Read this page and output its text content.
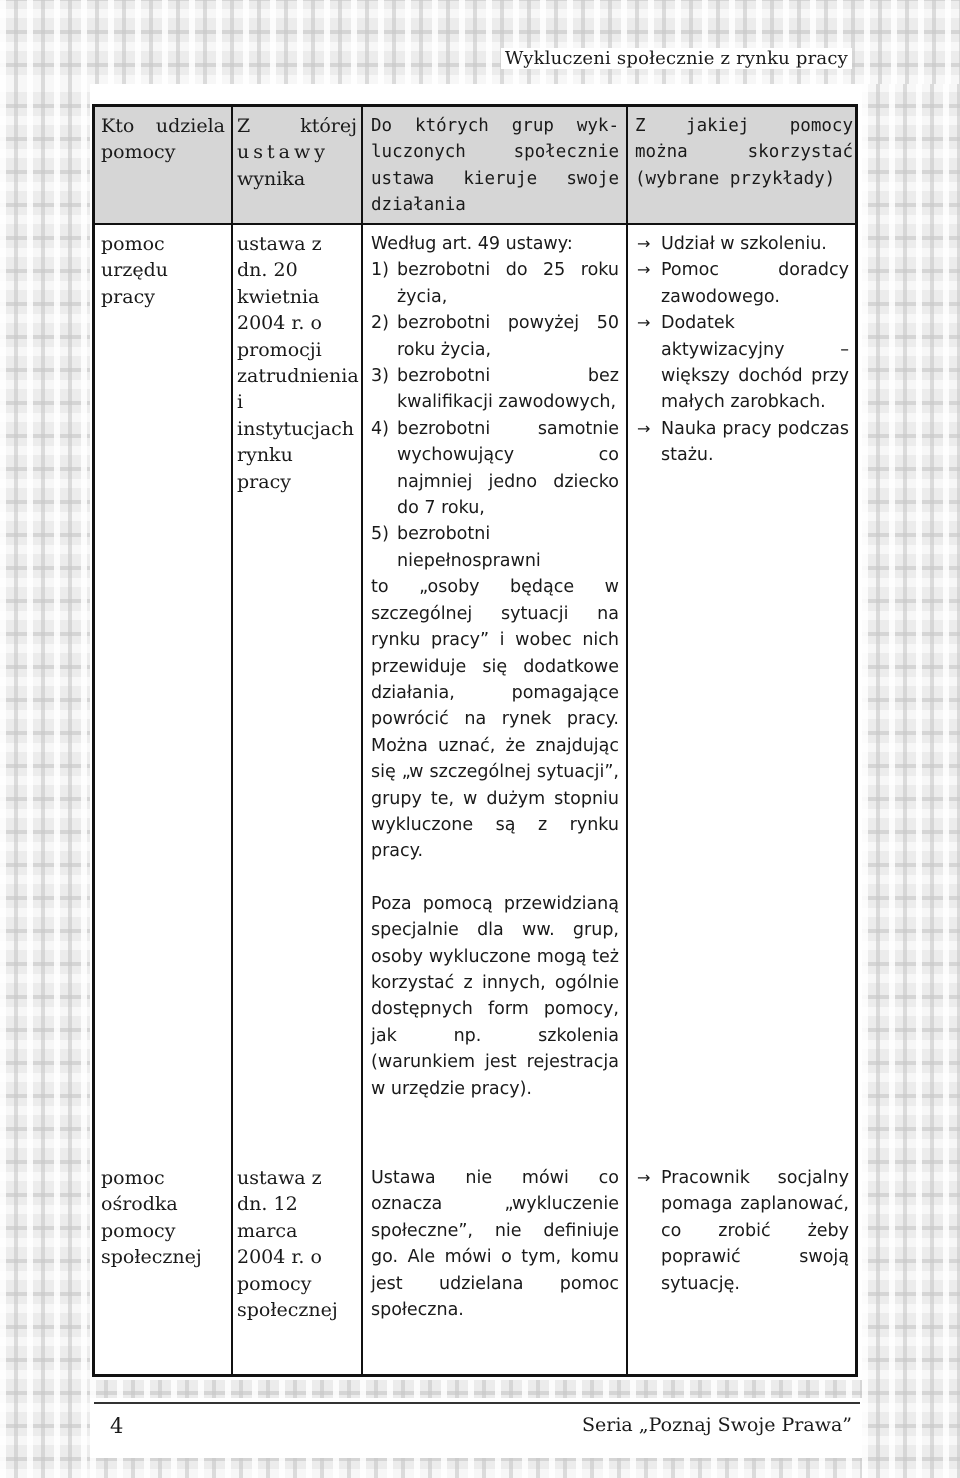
Wykluczeni społecznie z rynku pracy
Kto udziela
pomocy
Z      której
ustawy
wynika
Do których grup wyk-
luczonych społecznie
ustawa kieruje swoje
działania
Z jakiej pomocy
można skorzystać
(wybrane przykłady)
pomoc urzędu pracy
ustawa z dn. 20 kwietnia 2004 r. o promocji zatrudnienia i instytucjach rynku pracy
Według art. 49 ustawy:
1) bezrobotni do 25 roku życia,
2) bezrobotni powyżej 50 roku życia,
3) bezrobotni bez kwalifikacji zawodowych,
4) bezrobotni samotnie wychowujący co najmniej jedno dziecko do 7 roku,
5) bezrobotni niepełnosprawni
to „osoby będące w szczególnej sytuacji na rynku pracy” i wobec nich przewiduje się dodatkowe działania, pomagające powrócić na rynek pracy. Można uznać, że znajdując się „w szczególnej sytuacji”, grupy te, w dużym stopniu wykluczone są z rynku pracy.
Poza pomocą przewidzianą specjalnie dla ww. grup, osoby wykluczone mogą też korzystać z innych, ogólnie dostępnych form pomocy, jak np. szkolenia (warunkiem jest rejestracja w urzędzie pracy).
→ Udział w szkoleniu.
→ Pomoc doradcy zawodowego.
→ Dodatek aktywizacyjny – większy dochód przy małych zarobkach.
→ Nauka pracy podczas stażu.
pomoc ośrodka pomocy społecznej
ustawa z dn. 12 marca 2004 r. o pomocy społecznej
Ustawa nie mówi co oznacza „wykluczenie społeczne”, nie definiuje go. Ale mówi o tym, komu jest udzielana pomoc społeczna.
→ Pracownik socjalny pomaga zaplanować, co zrobić żeby poprawić swoją sytuację.
4	Seria „Poznaj Swoje Prawa”
